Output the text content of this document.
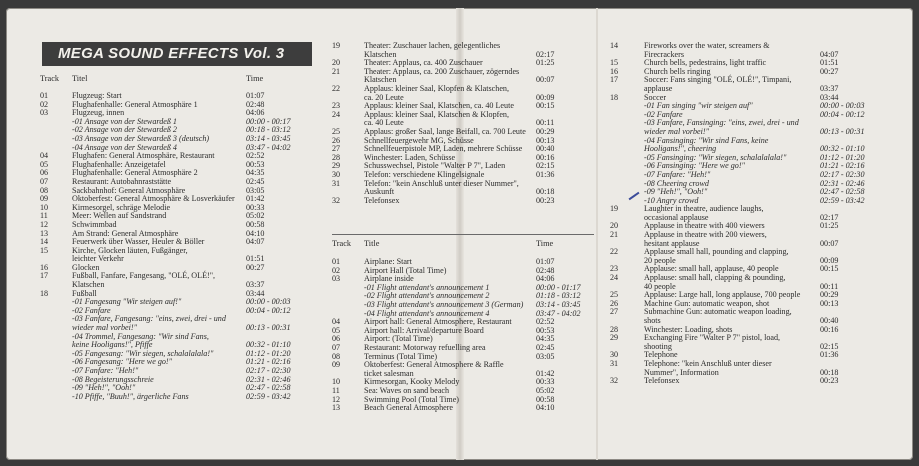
MEGA SOUND EFFECTS Vol. 3
Track Titel	Time
01	Flugzeug: Start	01:07
02	Flughafenhalle: General Atmosphäre 1	02:48
03	Flugzeug, innen	04:06
-01 Ansage von der Stewardeß 1	00:00 - 00:17
-02 Ansage von der Stewardeß 2	00:18 - 03:12
-03 Ansage von der Stewardeß 3 (deutsch)	03:14 - 03:45
-04 Ansage von der Stewardeß 4	03:47 - 04:02
04	Flughafen: General Atmosphäre, Restaurant	02:52
05	Flughafenhalle: Anzeigetafel	00:53
06	Flughafenhalle: General Atmosphäre 2	04:35
07	Restaurant: Autobahnraststätte	02:45
08	Sackbahnhof: General Atmosphäre	03:05
09	Oktoberfest: General Atmosphäre & Losverkäufer 01:42
10	Kirmesorgel, schräge Melodie	00:33
11	Meer: Wellen auf Sandstrand	05:02
12	Schwimmbad	00:58
13	Am Strand: General Atmosphäre	04:10
14	Feuerwerk über Wasser, Heuler & Böller	04:07
15	Kirche, Glocken läuten, Fußgänger,
leichter Verkehr	01:51
16	Glocken	00:27
17	Fußball, Fanfare, Fangesang, "OLÉ, OLÉ!",
Klatschen	03:37
18	Fußball	03:44
-01 Fangesang "Wir steigen auf!"	00:00 - 00:03
-02 Fanfare	00:04 - 00:12
-03 Fanfare, Fangesang: "eins, zwei, drei - und
wieder mal vorbei!"	00:13 - 00:31
-04 Trommel, Fangesang: "Wir sind Fans,
keine Hooligans!", Pfiffe	00:32 - 01:10
-05 Fangesang: "Wir siegen, schalalalala!"	01:12 - 01:20
-06 Fangesang: "Here we go!"	01:21 - 02:16
-07 Fanfare: "Heh!"	02:17 - 02:30
-08 Begeisterungsschreie	02:31 - 02:46
-09 "Heh!", "Ooh!"	02:47 - 02:58
-10 Pfiffe, "Buuh!", ärgerliche Fans	02:59 - 03:42
19	Theater: Zuschauer lachen, gelegentliches
Klatschen	02:17
20	Theater: Applaus, ca. 400 Zuschauer	01:25
21	Theater: Applaus, ca. 200 Zuschauer, zögerndes
Klatschen	00:07
22	Applaus: kleiner Saal, Klopfen & Klatschen,
ca. 20 Leute	00:09
23	Applaus: kleiner Saal, Klatschen, ca. 40 Leute	00:15
24	Applaus: kleiner Saal, Klatschen & Klopfen,
ca. 40 Leute	00:11
25	Applaus: großer Saal, lange Beifall, ca. 700 Leute 00:29
26	Schnellfeuergewehr MG, Schüsse	00:13
27	Schnellfeuerpistole MP, Laden, mehrere Schüsse 00:40
28	Winchester: Laden, Schüsse	00:16
29	Schusswechsel, Pistole "Walter P 7", Laden	02:15
30	Telefon: verschiedene Klingelsignale	01:36
31	Telefon: "kein Anschluß unter dieser Nummer",
Auskunft	00:18
32	Telefonsex	00:23
Track Title	Time
01	Airplane: Start	01:07
02	Airport Hall (Total Time)	02:48
03	Airplane inside	04:06
-01 Flight attendant's announcement 1	00:00 - 01:17
-02 Flight attendant's announcement 2	01:18 - 03:12
-03 Flight attendant's announcement 3 (German) 03:14 - 03:45
-04 Flight attendant's announcement 4	03:47 - 04:02
04	Airport hall: General Atmosphere, Restaurant	02:52
05	Airport hall: Arrival/departure Board	00:53
06	Airport: (Total Time)	04:35
07	Restaurant: Motorway refuelling area	02:45
08	Terminus (Total Time)	03:05
09	Oktoberfest: General Atmosphere & Raffle
ticket salesman	01:42
10	Kirmesorgan, Kooky Melody	00:33
11	Sea: Waves on sand beach	05:02
12	Swimming Pool (Total Time)	00:58
13	Beach General Atmosphere	04:10
14	Fireworks over the water, screamers &
Firecrackers	04:07
15	Church bells, pedestrains, light traffic	01:51
16	Church bells ringing	00:27
17	Soccer: Fans singing "OLÉ, OLÉ!", Timpani,
applause	03:37
18	Soccer	03:44
-01 Fan singing "wir steigen auf"	00:00 - 00:03
-02 Fanfare	00:04 - 00:12
-03 Fanfare, Fansinging: "eins, zwei, drei - und
wieder mal vorbei!"	00:13 - 00:31
-04 Fansinging: "Wir sind Fans, keine
Hooligans!", cheering	00:32 - 01:10
-05 Fansinging: "Wir siegen, schalalalala!"	01:12 - 01:20
-06 Fansinging: "Here we go!"	01:21 - 02:16
-07 Fanfare: "Heh!"	02:17 - 02:30
-08 Cheering crowd	02:31 - 02:46
-09 "Heh!", "Ooh!"	02:47 - 02:58
-10 Angry crowd	02:59 - 03:42
19	Laughter in theatre, audience laughs,
occasional applause	02:17
20	Applause in theatre with 400 viewers	01:25
21	Applause in theatre with 200 viewers,
hesitant applause	00:07
22	Applause small hall, pounding and clapping,
20 people	00:09
23	Applause: small hall, applause, 40 people	00:15
24	Applause: small hall, clapping & pounding,
40 people	00:11
25	Applause: Large hall, long applause, 700 people 00:29
26	Machine Gun: automatic weapon, shot	00:13
27	Submachine Gun: automatic weapon loading,
shots	00:40
28	Winchester: Loading, shots	00:16
29	Exchanging Fire "Walter P 7" pistol, load,
shooting	02:15
30	Telephone	01:36
31	Telephone: "kein Anschluß unter dieser
Nummer", Information	00:18
32	Telefonsex	00:23
